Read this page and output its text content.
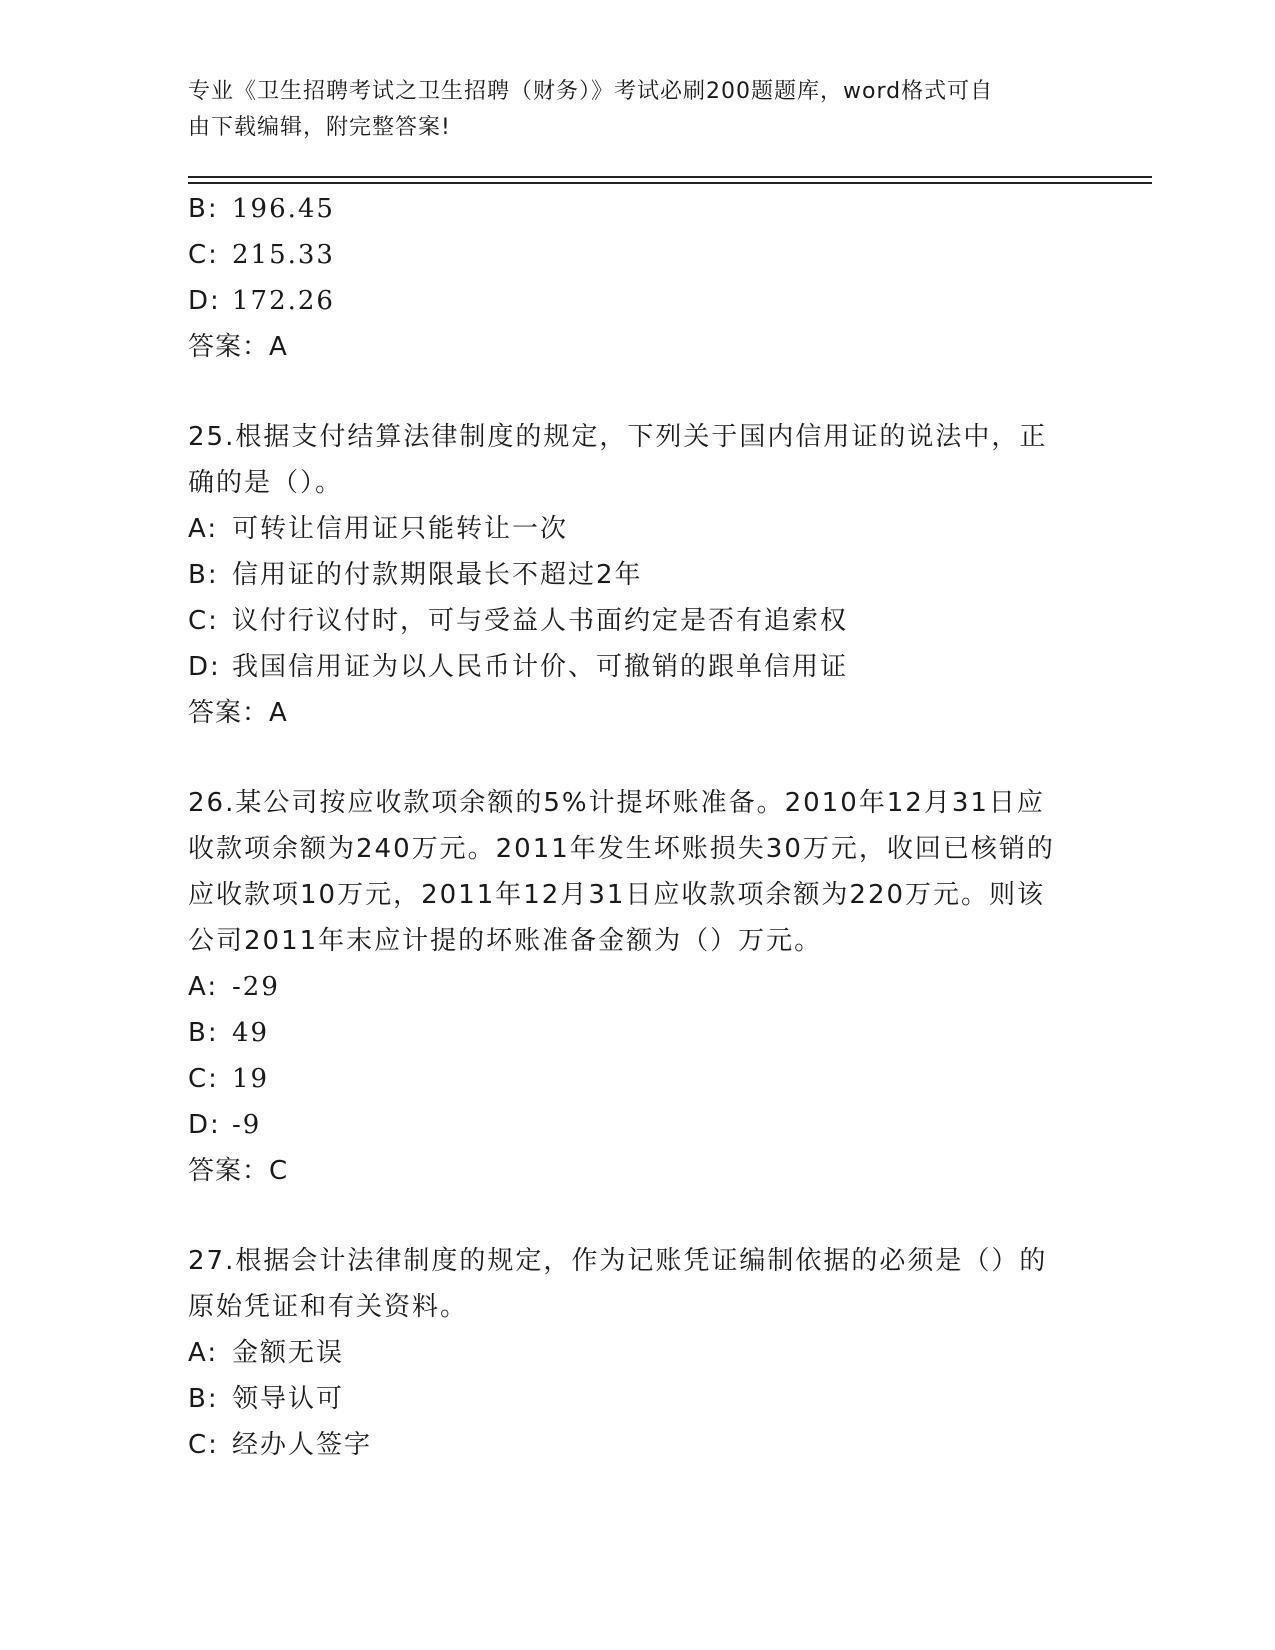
专业《卫生招聘考试之卫生招聘（财务）》考试必刷200题题库，word格式可自
由下载编辑，附完整答案!
B: 196.45
C: 215.33
D: 172.26
答案：A
25.根据支付结算法律制度的规定，下列关于国内信用证的说法中，正
确的是（）。
A: 可转让信用证只能转让一次
B: 信用证的付款期限最长不超过2年
C: 议付行议付时，可与受益人书面约定是否有追索权
D: 我国信用证为以人民币计价、可撤销的跟单信用证
答案：A
26.某公司按应收款项余额的5%计提坏账准备。2010年12月31日应
收款项余额为240万元。2011年发生坏账损失30万元，收回已核销的
应收款项10万元，2011年12月31日应收款项余额为220万元。则该
公司2011年末应计提的坏账准备金额为（）万元。
A: -29
B: 49
C: 19
D: -9
答案：C
27.根据会计法律制度的规定，作为记账凭证编制依据的必须是（）的
原始凭证和有关资料。
A: 金额无误
B: 领导认可
C: 经办人签字
